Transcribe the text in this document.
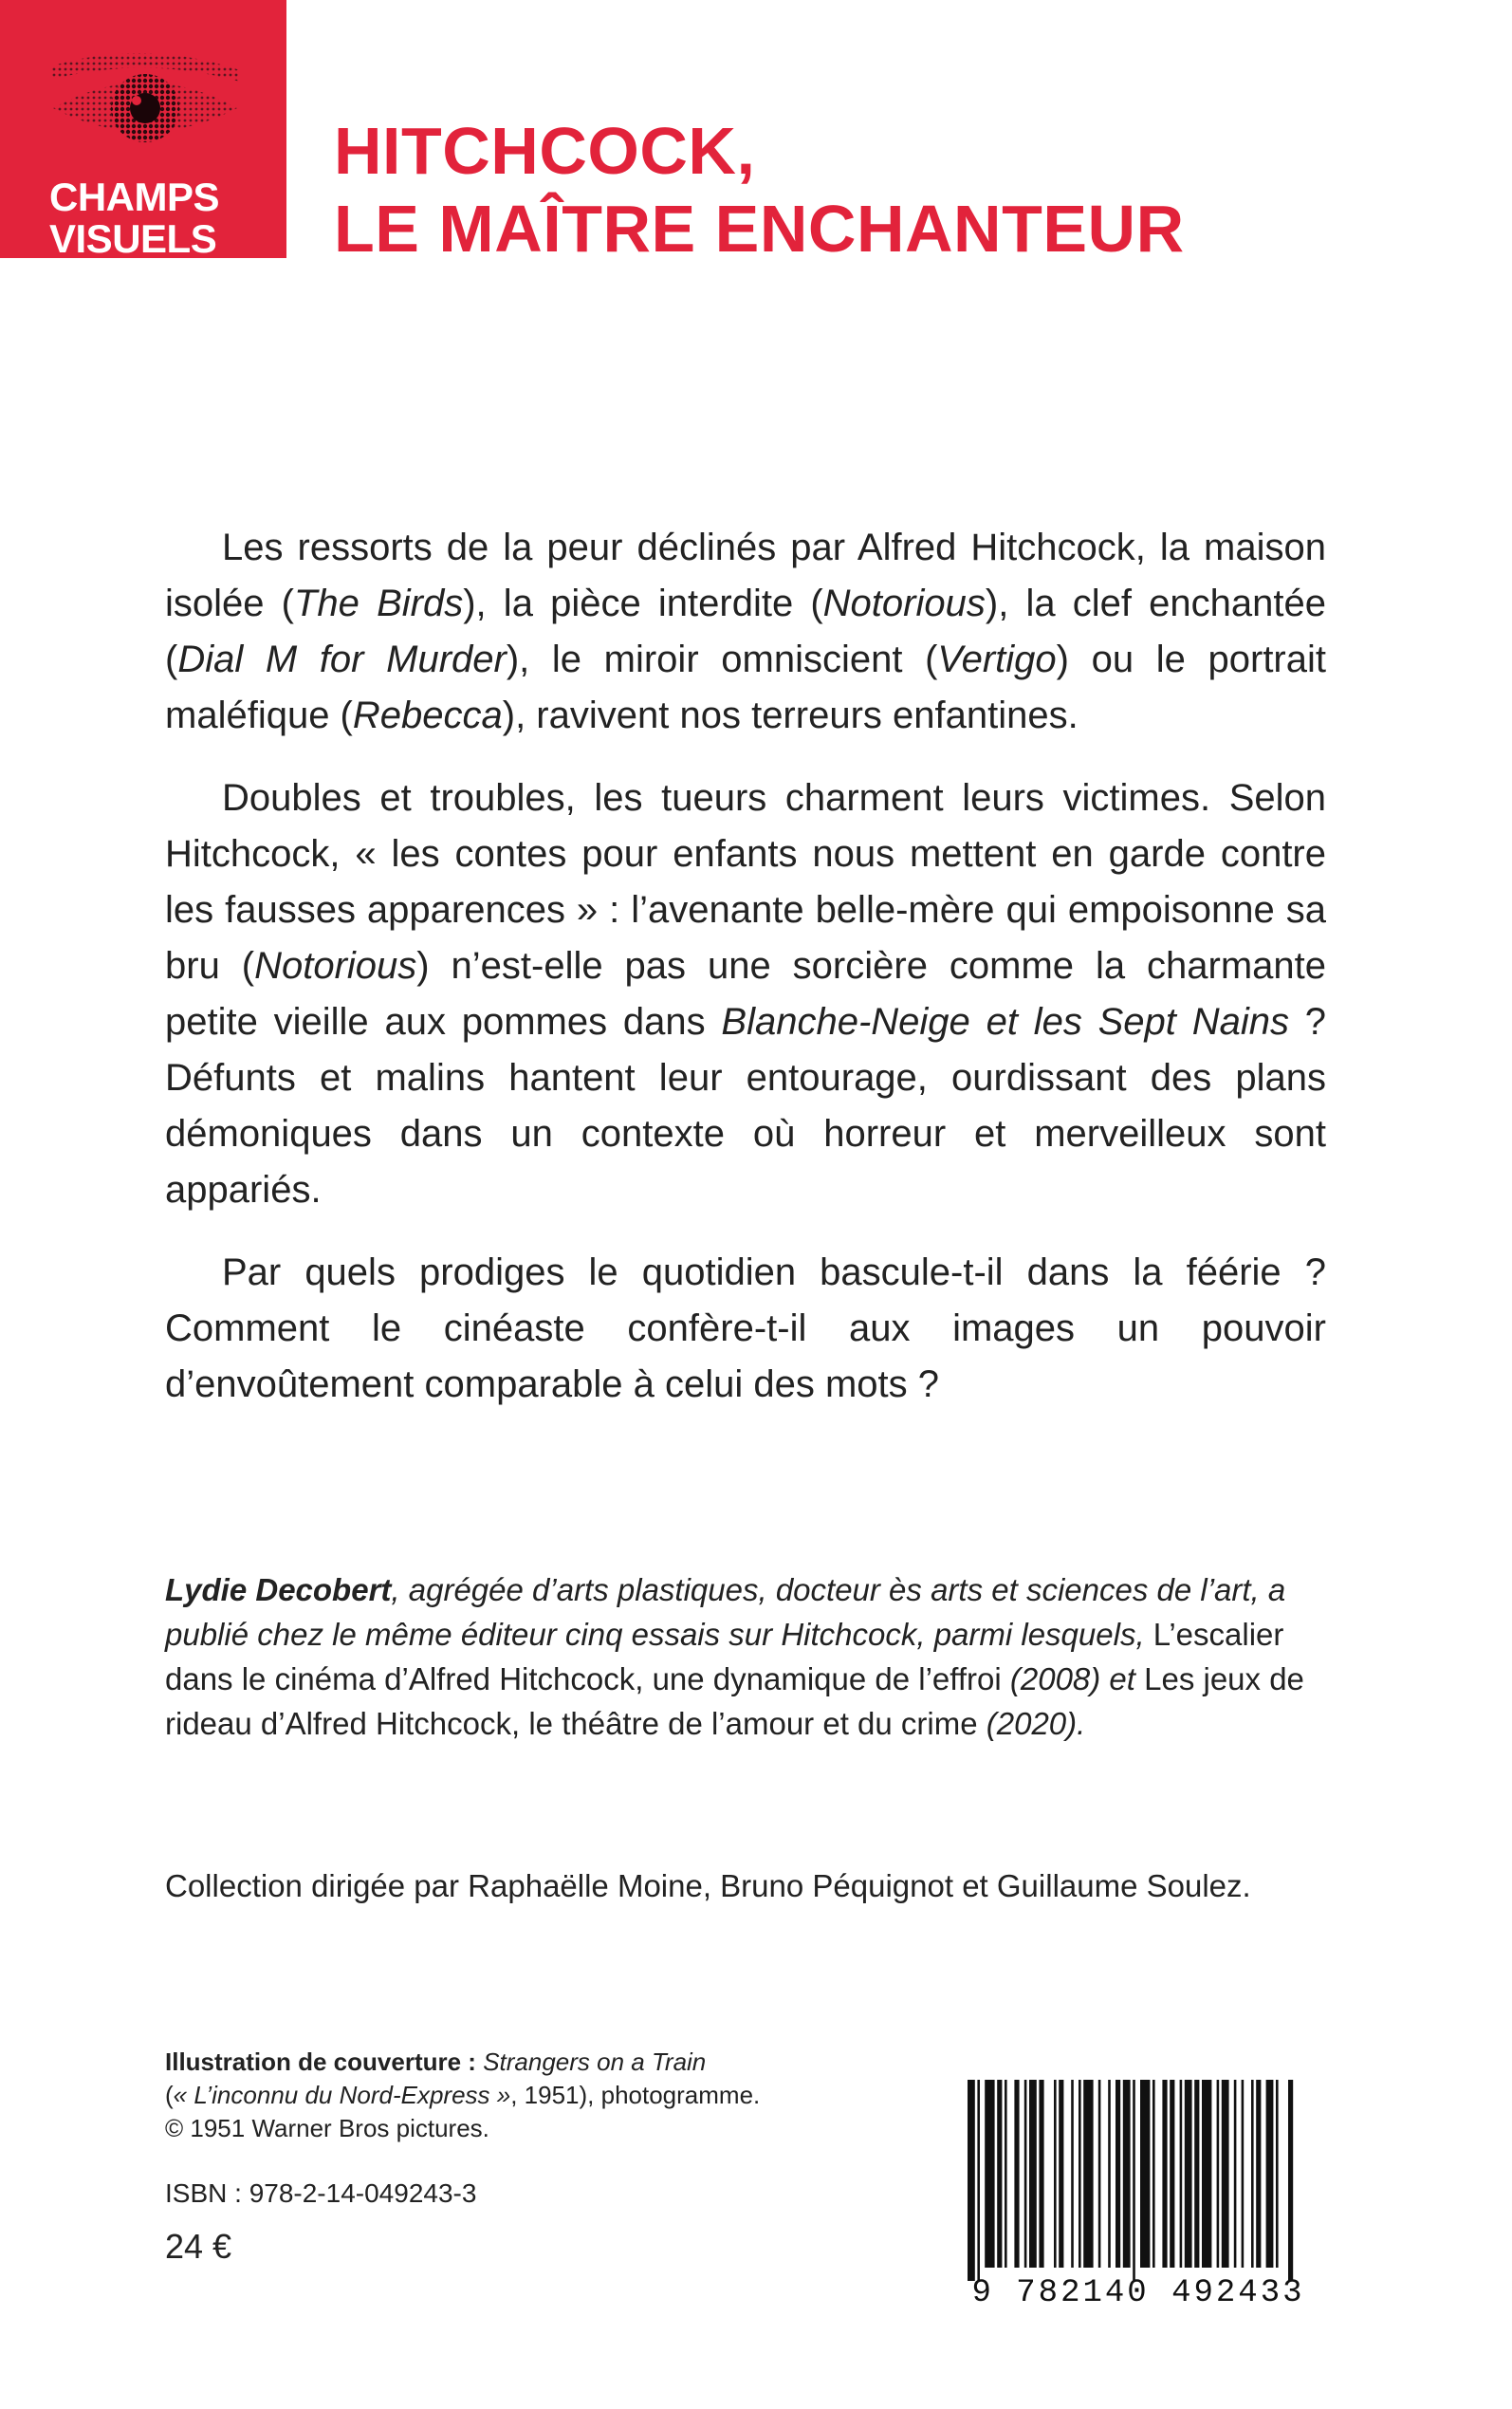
CHAMPS
VISUELS
HITCHCOCK,
LE MAÎTRE ENCHANTEUR

Les ressorts de la peur déclinés par Alfred Hitchcock, la maison isolée (The Birds), la pièce interdite (Notorious), la clef enchantée (Dial M for Murder), le miroir omniscient (Vertigo) ou le portrait maléfique (Rebecca), ravivent nos terreurs enfantines.

Doubles et troubles, les tueurs charment leurs victimes. Selon Hitchcock, « les contes pour enfants nous mettent en garde contre les fausses apparences » : l’avenante belle-mère qui empoisonne sa bru (Notorious) n’est-elle pas une sorcière comme la charmante petite vieille aux pommes dans Blanche-Neige et les Sept Nains ? Défunts et malins hantent leur entourage, ourdissant des plans démoniques dans un contexte où horreur et merveilleux sont appariés.

Par quels prodiges le quotidien bascule-t-il dans la féérie ? Comment le cinéaste confère-t-il aux images un pouvoir d’envoûtement comparable à celui des mots ?

Lydie Decobert, agrégée d’arts plastiques, docteur ès arts et sciences de l’art, a publié chez le même éditeur cinq essais sur Hitchcock, parmi lesquels, L’escalier dans le cinéma d’Alfred Hitchcock, une dynamique de l’effroi (2008) et Les jeux de rideau d’Alfred Hitchcock, le théâtre de l’amour et du crime (2020).
Collection dirigée par Raphaëlle Moine, Bruno Péquignot et Guillaume Soulez.
Illustration de couverture : Strangers on a Train
(« L’inconnu du Nord-Express », 1951), photogramme.
© 1951 Warner Bros pictures.
ISBN : 978-2-14-049243-3
24 €
9 782140 492433
